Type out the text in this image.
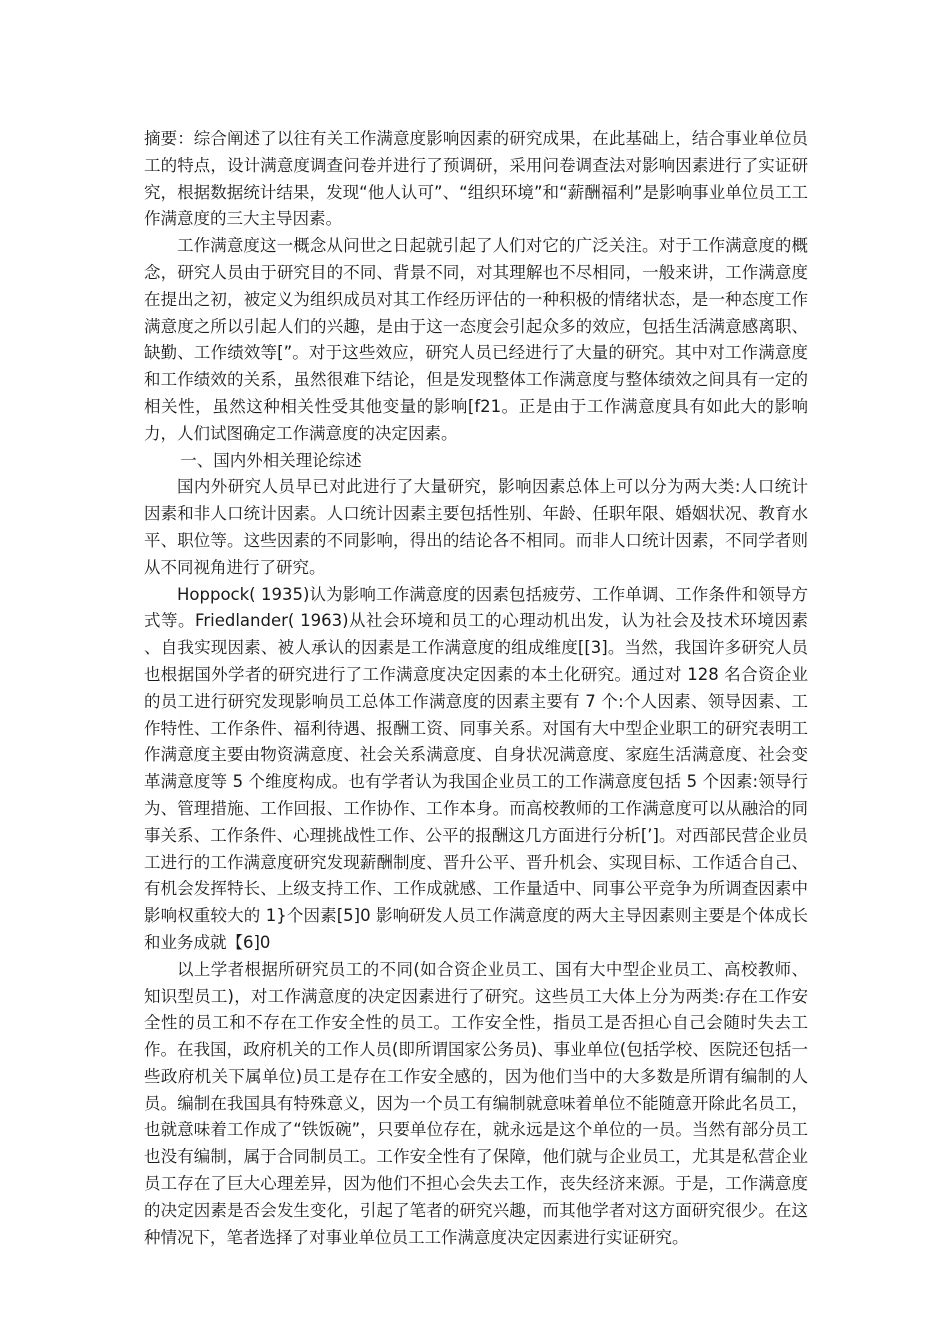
摘要：综合阐述了以往有关工作满意度影响因素的研究成果，在此基础上，结合事业单位员工的特点，设计满意度调查问卷并进行了预调研，采用问卷调查法对影响因素进行了实证研究，根据数据统计结果，发现“他人认可”、“组织环境”和“薪酬福利”是影响事业单位员工工作满意度的三大主导因素。

工作满意度这一概念从问世之日起就引起了人们对它的广泛关注。对于工作满意度的概念，研究人员由于研究目的不同、背景不同，对其理解也不尽相同，一般来讲，工作满意度在提出之初，被定义为组织成员对其工作经历评估的一种积极的情绪状态，是一种态度工作满意度之所以引起人们的兴趣，是由于这一态度会引起众多的效应，包括生活满意感离职、缺勤、工作绩效等[”。对于这些效应，研究人员已经进行了大量的研究。其中对工作满意度和工作绩效的关系，虽然很难下结论，但是发现整体工作满意度与整体绩效之间具有一定的相关性，虽然这种相关性受其他变量的影响[f21。正是由于工作满意度具有如此大的影响力，人们试图确定工作满意度的决定因素。

一、国内外相关理论综述

国内外研究人员早已对此进行了大量研究，影响因素总体上可以分为两大类:人口统计因素和非人口统计因素。人口统计因素主要包括性别、年龄、任职年限、婚姻状况、教育水平、职位等。这些因素的不同影响，得出的结论各不相同。而非人口统计因素，不同学者则从不同视角进行了研究。

Hoppock( 1935)认为影响工作满意度的因素包括疲劳、工作单调、工作条件和领导方式等。Friedlander( 1963)从社会环境和员工的心理动机出发，认为社会及技术环境因素 、自我实现因素、被人承认的因素是工作满意度的组成维度[[3]。当然，我国许多研究人员也根据国外学者的研究进行了工作满意度决定因素的本土化研究。通过对 128 名合资企业的员工进行研究发现影响员工总体工作满意度的因素主要有 7 个:个人因素、领导因素、工作特性、工作条件、福利待遇、报酬工资、同事关系。对国有大中型企业职工的研究表明工作满意度主要由物资满意度、社会关系满意度、自身状况满意度、家庭生活满意度、社会变革满意度等 5 个维度构成。也有学者认为我国企业员工的工作满意度包括 5 个因素:领导行为、管理措施、工作回报、工作协作、工作本身。而高校教师的工作满意度可以从融洽的同事关系、工作条件、心理挑战性工作、公平的报酬这几方面进行分析[’]。对西部民营企业员工进行的工作满意度研究发现薪酬制度、晋升公平、晋升机会、实现目标、工作适合自己、有机会发挥特长、上级支持工作、工作成就感、工作量适中、同事公平竞争为所调查因素中影响权重较大的 1}个因素[5]0 影响研发人员工作满意度的两大主导因素则主要是个体成长和业务成就【6]0

以上学者根据所研究员工的不同(如合资企业员工、国有大中型企业员工、高校教师、知识型员工)，对工作满意度的决定因素进行了研究。这些员工大体上分为两类:存在工作安全性的员工和不存在工作安全性的员工。工作安全性，指员工是否担心自己会随时失去工作。在我国，政府机关的工作人员(即所谓国家公务员)、事业单位(包括学校、医院还包括一些政府机关下属单位)员工是存在工作安全感的，因为他们当中的大多数是所谓有编制的人员。编制在我国具有特殊意义，因为一个员工有编制就意味着单位不能随意开除此名员工，也就意味着工作成了“铁饭碗”，只要单位存在，就永远是这个单位的一员。当然有部分员工也没有编制，属于合同制员工。工作安全性有了保障，他们就与企业员工，尤其是私营企业员工存在了巨大心理差异，因为他们不担心会失去工作，丧失经济来源。于是，工作满意度的决定因素是否会发生变化，引起了笔者的研究兴趣，而其他学者对这方面研究很少。在这种情况下，笔者选择了对事业单位员工工作满意度决定因素进行实证研究。
